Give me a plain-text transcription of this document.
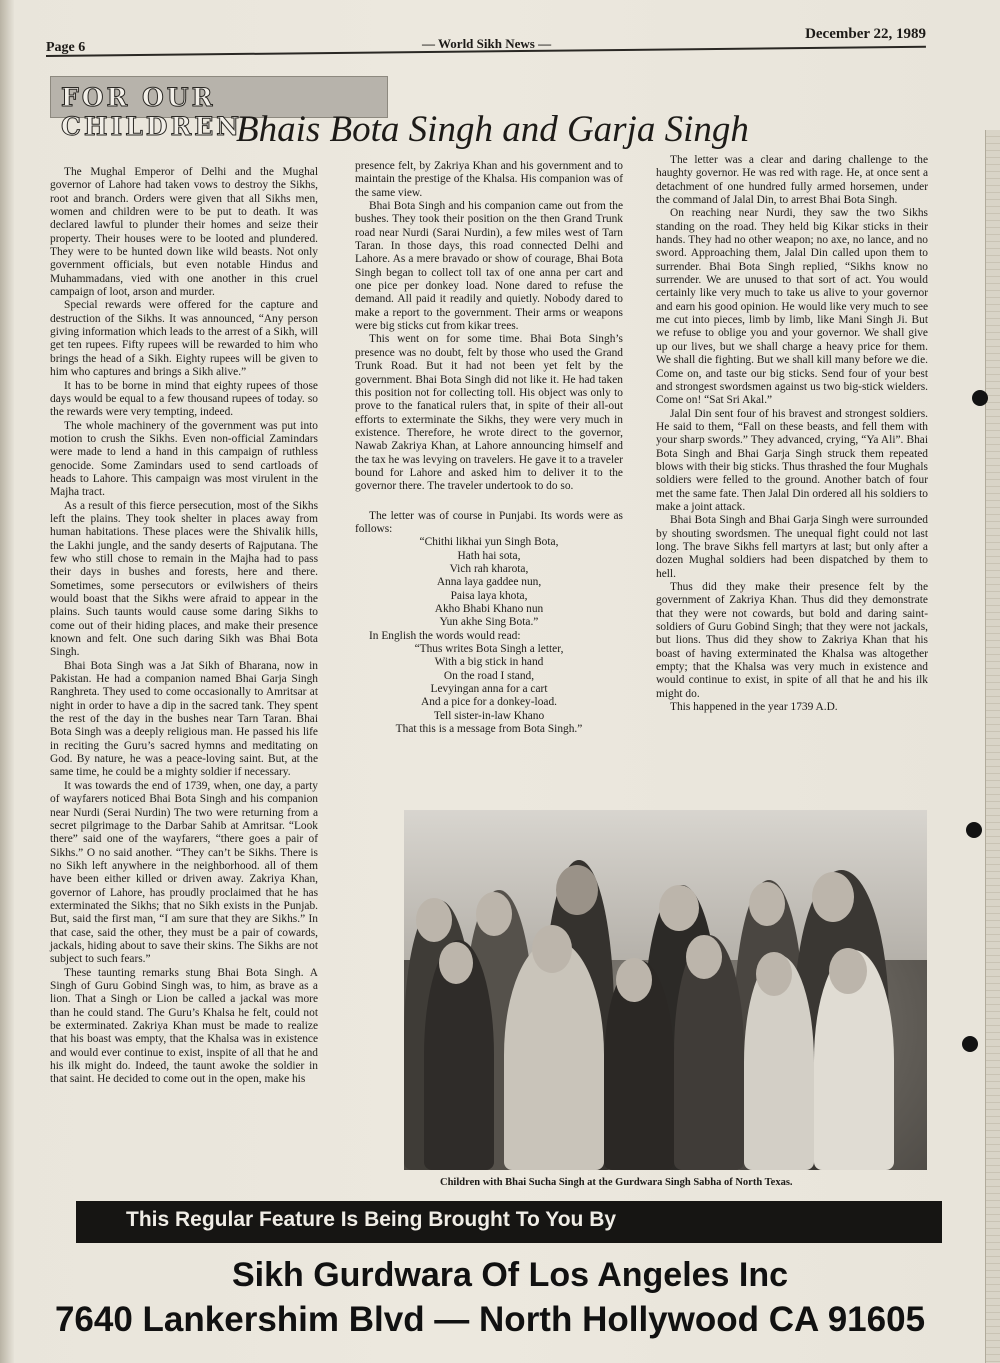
Page 6	— World Sikh News —
December 22, 1989
FOR OUR CHILDREN
Bhais Bota Singh and Garja Singh

The Mughal Emperor of Delhi and the Mughal governor of Lahore had taken vows to destroy the Sikhs, root and branch. Orders were given that all Sikhs men, women and children were to be put to death. It was declared lawful to plunder their homes and seize their property. Their houses were to be looted and plundered. They were to be hunted down like wild beasts. Not only government officials, but even notable Hindus and Muhammadans, vied with one another in this cruel campaign of loot, arson and murder.

Special rewards were offered for the capture and destruction of the Sikhs. It was announced, “Any person giving information which leads to the arrest of a Sikh, will get ten rupees. Fifty rupees will be rewarded to him who brings the head of a Sikh. Eighty rupees will be given to him who captures and brings a Sikh alive.”

It has to be borne in mind that eighty rupees of those days would be equal to a few thousand rupees of today. so the rewards were very tempting, indeed.

The whole machinery of the government was put into motion to crush the Sikhs. Even non-official Zamindars were made to lend a hand in this campaign of ruthless genocide. Some Zamindars used to send cartloads of heads to Lahore. This campaign was most virulent in the Majha tract.

As a result of this fierce persecution, most of the Sikhs left the plains. They took shelter in places away from human habitations. These places were the Shivalik hills, the Lakhi jungle, and the sandy deserts of Rajputana. The few who still chose to remain in the Majha had to pass their days in bushes and forests, here and there. Sometimes, some persecutors or evilwishers of theirs would boast that the Sikhs were afraid to appear in the plains. Such taunts would cause some daring Sikhs to come out of their hiding places, and make their presence known and felt. One such daring Sikh was Bhai Bota Singh.

Bhai Bota Singh was a Jat Sikh of Bharana, now in Pakistan. He had a companion named Bhai Garja Singh Ranghreta. They used to come occasionally to Amritsar at night in order to have a dip in the sacred tank. They spent the rest of the day in the bushes near Tarn Taran. Bhai Bota Singh was a deeply religious man. He passed his life in reciting the Guru’s sacred hymns and meditating on God. By nature, he was a peace-loving saint. But, at the same time, he could be a mighty soldier if necessary.

It was towards the end of 1739, when, one day, a party of wayfarers noticed Bhai Bota Singh and his companion near Nurdi (Serai Nurdin) The two were returning from a secret pilgrimage to the Darbar Sahib at Amritsar. “Look there” said one of the wayfarers, “there goes a pair of Sikhs.” O no said another. “They can’t be Sikhs. There is no Sikh left anywhere in the neighborhood. all of them have been either killed or driven away. Zakriya Khan, governor of Lahore, has proudly proclaimed that he has exterminated the Sikhs; that no Sikh exists in the Punjab. But, said the first man, “I am sure that they are Sikhs.” In that case, said the other, they must be a pair of cowards, jackals, hiding about to save their skins. The Sikhs are not subject to such fears.”

These taunting remarks stung Bhai Bota Singh. A Singh of Guru Gobind Singh was, to him, as brave as a lion. That a Singh or Lion be called a jackal was more than he could stand. The Guru’s Khalsa he felt, could not be exterminated. Zakriya Khan must be made to realize that his boast was empty, that the Khalsa was in existence and would ever continue to exist, inspite of all that he and his ilk might do. Indeed, the taunt awoke the soldier in that saint. He decided to come out in the open, make his

presence felt, by Zakriya Khan and his government and to maintain the prestige of the Khalsa. His companion was of the same view.

Bhai Bota Singh and his companion came out from the bushes. They took their position on the then Grand Trunk road near Nurdi (Sarai Nurdin), a few miles west of Tarn Taran. In those days, this road connected Delhi and Lahore. As a mere bravado or show of courage, Bhai Bota Singh began to collect toll tax of one anna per cart and one pice per donkey load. None dared to refuse the demand. All paid it readily and quietly. Nobody dared to make a report to the government. Their arms or weapons were big sticks cut from kikar trees.

This went on for some time. Bhai Bota Singh’s presence was no doubt, felt by those who used the Grand Trunk Road. But it had not been yet felt by the government. Bhai Bota Singh did not like it. He had taken this position not for collecting toll. His object was only to prove to the fanatical rulers that, in spite of their all-out efforts to exterminate the Sikhs, they were very much in existence. Therefore, he wrote direct to the governor, Nawab Zakriya Khan, at Lahore announcing himself and the tax he was levying on travelers. He gave it to a traveler bound for Lahore and asked him to deliver it to the governor there. The traveler undertook to do so.

The letter was of course in Punjabi. Its words were as follows:

“Chithi likhai yun Singh Bota,
Hath hai sota,
Vich rah kharota,
Anna laya gaddee nun,
Paisa laya khota,
Akho Bhabi Khano nun
Yun akhe Sing Bota.”

In English the words would read:

“Thus writes Bota Singh a letter,
With a big stick in hand
On the road I stand,
Levyingan anna for a cart
And a pice for a donkey-load.
Tell sister-in-law Khano
That this is a message from Bota Singh.”

The letter was a clear and daring challenge to the haughty governor. He was red with rage. He, at once sent a detachment of one hundred fully armed horsemen, under the command of Jalal Din, to arrest Bhai Bota Singh.

On reaching near Nurdi, they saw the two Sikhs standing on the road. They held big Kikar sticks in their hands. They had no other weapon; no axe, no lance, and no sword. Approaching them, Jalal Din called upon them to surrender. Bhai Bota Singh replied, “Sikhs know no surrender. We are unused to that sort of act. You would certainly like very much to take us alive to your governor and earn his good opinion. He would like very much to see me cut into pieces, limb by limb, like Mani Singh Ji. But we refuse to oblige you and your governor. We shall give up our lives, but we shall charge a heavy price for them. We shall die fighting. But we shall kill many before we die. Come on, and taste our big sticks. Send four of your best and strongest swordsmen against us two big-stick wielders. Come on! “Sat Sri Akal.”

Jalal Din sent four of his bravest and strongest soldiers. He said to them, “Fall on these beasts, and fell them with your sharp swords.” They advanced, crying, “Ya Ali”. Bhai Bota Singh and Bhai Garja Singh struck them repeated blows with their big sticks. Thus thrashed the four Mughals soldiers were felled to the ground. Another batch of four met the same fate. Then Jalal Din ordered all his soldiers to make a joint attack.

Bhai Bota Singh and Bhai Garja Singh were surrounded by shouting swordsmen. The unequal fight could not last long. The brave Sikhs fell martyrs at last; but only after a dozen Mughal soldiers had been dispatched by them to hell.

Thus did they make their presence felt by the government of Zakriya Khan. Thus did they demonstrate that they were not cowards, but bold and daring saint-soldiers of Guru Gobind Singh; that they were not jackals, but lions. Thus did they show to Zakriya Khan that his boast of having exterminated the Khalsa was altogether empty; that the Khalsa was very much in existence and would continue to exist, in spite of all that he and his ilk might do.

This happened in the year 1739 A.D.

Children with Bhai Sucha Singh at the Gurdwara Singh Sabha of North Texas.
This Regular Feature Is Being Brought To You By
Sikh Gurdwara Of Los Angeles Inc
7640 Lankershim Blvd — North Hollywood CA 91605
